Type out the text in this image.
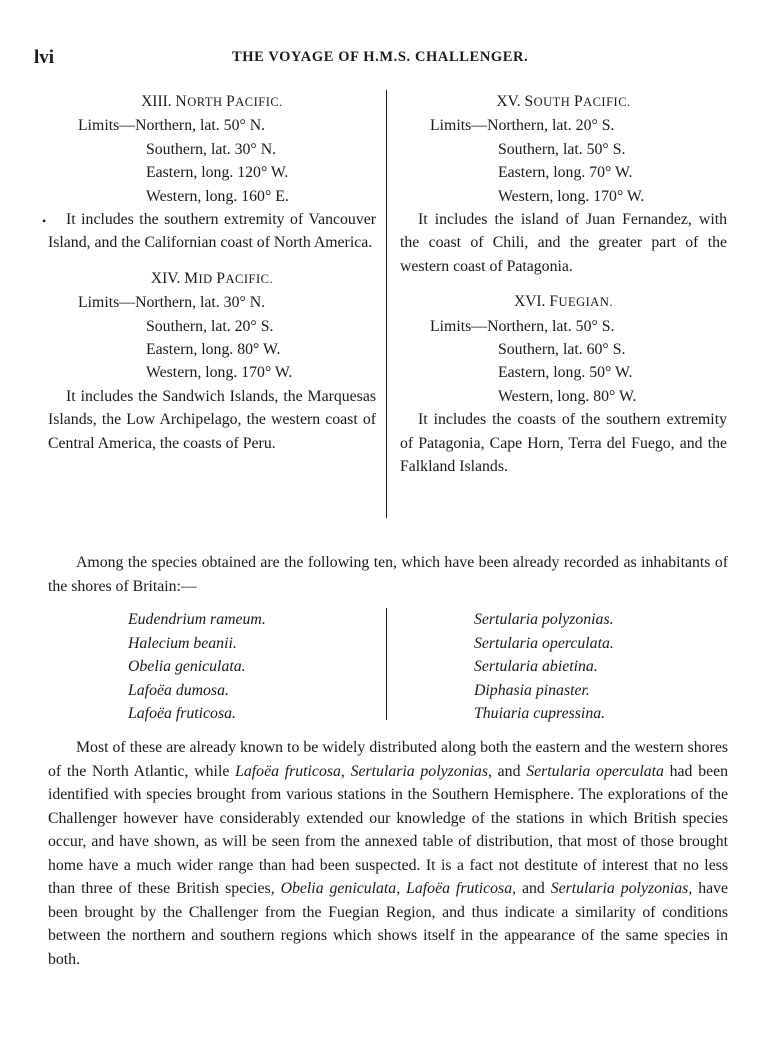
lvi	THE VOYAGE OF H.M.S. CHALLENGER.
•
XIII. NORTH PACIFIC.
Limits—Northern, lat. 50° N.
Southern, lat. 30° N.
Eastern, long. 120° W.
Western, long. 160° E.
It includes the southern extremity of Vancouver Island, and the Californian coast of North America.
XIV. MID PACIFIC.
Limits—Northern, lat. 30° N.
Southern, lat. 20° S.
Eastern, long. 80° W.
Western, long. 170° W.
It includes the Sandwich Islands, the Marquesas Islands, the Low Archipelago, the western coast of Central America, the coasts of Peru.
XV. SOUTH PACIFIC.
Limits—Northern, lat. 20° S.
Southern, lat. 50° S.
Eastern, long. 70° W.
Western, long. 170° W.
It includes the island of Juan Fernandez, with the coast of Chili, and the greater part of the western coast of Patagonia.
XVI. FUEGIAN.
Limits—Northern, lat. 50° S.
Southern, lat. 60° S.
Eastern, long. 50° W.
Western, long. 80° W.
It includes the coasts of the southern extremity of Patagonia, Cape Horn, Terra del Fuego, and the Falkland Islands.
Among the species obtained are the following ten, which have been already recorded as inhabitants of the shores of Britain:—
Eudendrium rameum.
Halecium beanii.
Obelia geniculata.
Lafoëa dumosa.
Lafoëa fruticosa.
Sertularia polyzonias.
Sertularia operculata.
Sertularia abietina.
Diphasia pinaster.
Thuiaria cupressina.
Most of these are already known to be widely distributed along both the eastern and the western shores of the North Atlantic, while Lafoëa fruticosa, Sertularia polyzonias, and Sertularia operculata had been identified with species brought from various stations in the Southern Hemisphere. The explorations of the Challenger however have considerably extended our knowledge of the stations in which British species occur, and have shown, as will be seen from the annexed table of distribution, that most of those brought home have a much wider range than had been suspected. It is a fact not destitute of interest that no less than three of these British species, Obelia geniculata, Lafoëa fruticosa, and Sertularia polyzonias, have been brought by the Challenger from the Fuegian Region, and thus indicate a similarity of conditions between the northern and southern regions which shows itself in the appearance of the same species in both.
